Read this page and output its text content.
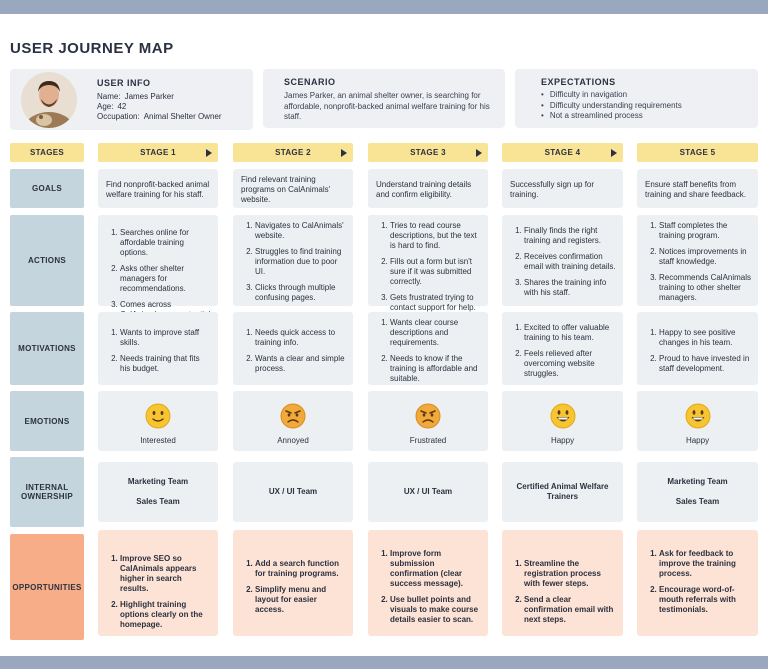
USER JOURNEY MAP
USER INFO
Name: James Parker
Age: 42
Occupation: Animal Shelter Owner
SCENARIO
James Parker, an animal shelter owner, is searching for affordable, nonprofit-backed animal welfare training for his staff.
EXPECTATIONS
• Difficulty in navigation
• Difficulty understanding requirements
• Not a streamlined process
STAGES
GOALS
ACTIONS
MOTIVATIONS
EMOTIONS
INTERNAL
OWNERSHIP
OPPORTUNITIES
STAGE 1
Find nonprofit-backed animal welfare training for his staff.
1. Searches online for affordable training options.
2. Asks other shelter managers for recommendations.
3. Comes across
1. Wants to improve staff skills.
2. Needs training that fits his budget.
Interested
Marketing Team
Sales Team
1. Improve SEO so CalAnimals appears higher in search results.
2. Highlight training options clearly on the homepage.
STAGE 2
Find relevant training programs on CalAnimals' website.
1. Navigates to CalAnimals' website.
2. Struggles to find training information due to poor UI.
3. Clicks through multiple confusing pages.
1. Needs quick access to training info.
2. Wants a clear and simple process.
Annoyed
UX / UI Team
1. Add a search function for training programs.
2. Simplify menu and layout for easier access.
STAGE 3
Understand training details and confirm eligibility.
1. Tries to read course descriptions, but the text is hard to find.
2. Fills out a form but isn't sure if it was submitted correctly.
3. Gets frustrated trying to contact support for help.
1. Wants clear course descriptions and requirements.
2. Needs to know if the training is affordable and suitable.
Frustrated
UX / UI Team
1. Improve form submission confirmation (clear success message).
2. Use bullet points and visuals to make course details easier to scan.
STAGE 4
Successfully sign up for training.
1. Finally finds the right training and registers.
2. Receives confirmation email with training details.
3. Shares the training info with his staff.
1. Excited to offer valuable training to his team.
2. Feels relieved after overcoming website struggles.
Happy
Certified Animal Welfare Trainers
1. Streamline the registration process with fewer steps.
2. Send a clear confirmation email with next steps.
STAGE 5
Ensure staff benefits from training and share feedback.
1. Staff completes the training program.
2. Notices improvements in staff knowledge.
3. Recommends CalAnimals training to other shelter managers.
1. Happy to see positive changes in his team.
2. Proud to have invested in staff development.
Happy
Marketing Team
Sales Team
1. Ask for feedback to improve the training process.
2. Encourage word-of-mouth referrals with testimonials.
